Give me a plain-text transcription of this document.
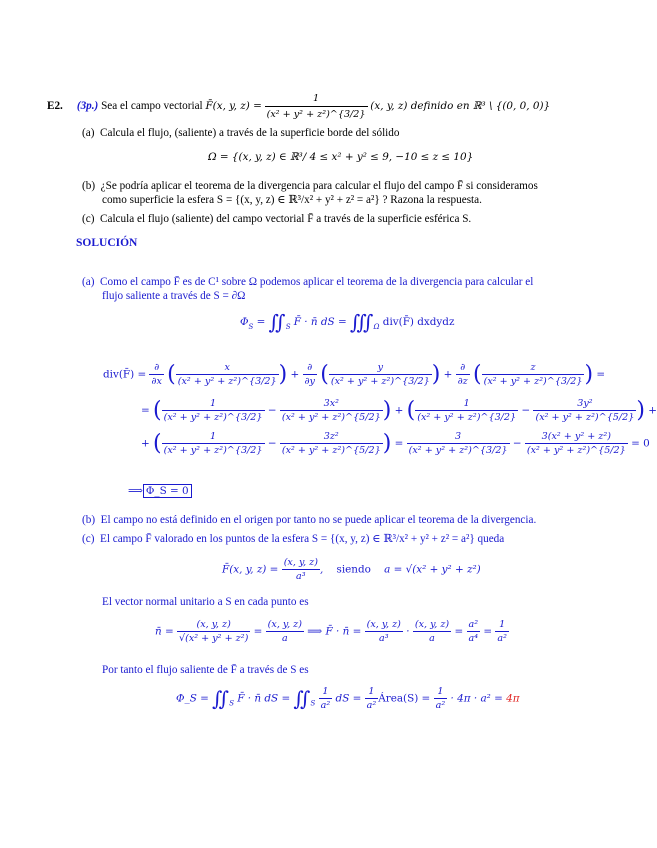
E2. (3p.) Sea el campo vectorial F̄(x, y, $z) = \frac{1}{\text{(x² + y² + z²)\textasciicircum{}\{3/2\}}} (x$, y, z) definido en ℝ³ \ {(0, 0, 0)}
(a) Calcula el flujo, (saliente) a través de la superficie borde del sólido
Ω = {(x, y, z) ∈ ℝ³/ 4 ≤ x² + y² ≤ 9, −10 ≤ z ≤ 10}
(b) ¿Se podría aplicar el teorema de la divergencia para calcular el flujo del campo F̄ si consideramos
como superficie la esfera S = {(x, y, z) ∈ ℝ³/x² + y² + z² = a²} ? Razona la respuesta.
(c) Calcula el flujo (saliente) del campo vectorial F̄ a través de la superficie esférica S.
SOLUCIÓN
(a) Como el campo F̄ es de C¹ sobre Ω podemos aplicar el teorema de la divergencia para calcular el
flujo saliente a través de S = ∂Ω
$\Phi_S$ = $∬_S$ F̄ · n̄ dS = $∭_\Omega$ div(F̄) dxdydz
div(F̄) =
∂
∂x ( $\frac{x}{\text{(x² + y² + z²)\textasciicircum{}\{3/2\}}}$ ) +
∂
∂y ( $\frac{y}{\text{(x² + y² + z²)\textasciicircum{}\{3/2\}}}$ ) +
∂
∂z ( $\frac{z}{\text{(x² + y² + z²)\textasciicircum{}\{3/2\}}}$ ) =
= ( $\frac{1}{\text{(x² + y² + z²)\textasciicircum{}\{3/2\}}} - \frac{\text{3x²}}{\text{(x² + y² + z²)\textasciicircum{}\{5/2\}}}$ ) + ( $\frac{1}{\text{(x² + y² + z²)\textasciicircum{}\{3/2\}}} - \frac{\text{3y²}}{\text{(x² + y² + z²)\textasciicircum{}\{5/2\}}}$ ) +
+ ( $\frac{1}{\text{(x² + y² + z²)\textasciicircum{}\{3/2\}}} - \frac{\text{3z²}}{\text{(x² + y² + z²)\textasciicircum{}\{5/2\}}}$ ) = $\frac{3}{\text{(x² + y² + z²)\textasciicircum{}\{3/2\}}} - \frac{\text{3(x² + y² + z²)}}{\text{(x² + y² + z²)\textasciicircum{}\{5/2\}}} = 0$
⟹ Φ_S = 0
(b) El campo no está definido en el origen por tanto no se puede aplicar el teorema de la divergencia.
(c) El campo F̄ valorado en los puntos de la esfera S = {(x, y, z) ∈ ℝ³/x² + y² + z² = a²} queda
F̄(x, y, $z) = \frac{(x, y, z)}{\text{a³}}$ ,    siendo a = √(x² + y² + z²)
El vector normal unitario a S en cada punto es
n̄ = $\frac{(x, y, z)}{\text{√(x² + y² + z²)}} = \frac{(x, y, z)}{a}$ ⟹ F̄ · n̄ = $\frac{(x, y, z)}{\text{a³}} \cdot \frac{(x, y, z)}{a} = \frac{\text{a²}}{\text{a⁴}} = \frac{1}{\text{a²}}$
Por tanto el flujo saliente de F̄ a través de S es
Φ_S = $∬_S$ F̄ · n̄ dS = $∬_S \frac{1}{\text{a²}}$ dS = $\frac{1}{\text{a²}}$ Área(S) = $\frac{1}{\text{a²}} \cdot 4\pi \cdot a^2 = 4\pi$
